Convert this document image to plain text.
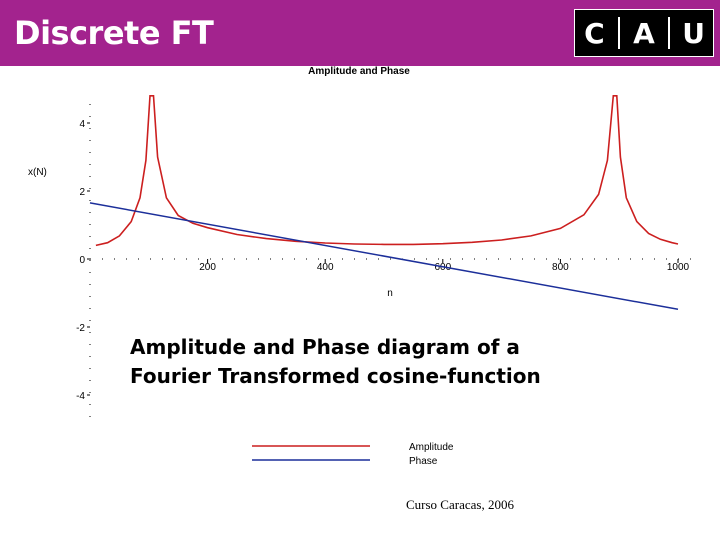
Discrete FT	C A U
Amplitude and Phase
4
2
0
-2
-4
x(N)
200	400	600	800	1000
n
Amplitude
Phase
Amplitude and Phase diagram of a
Fourier Transformed cosine-function
Curso Caracas, 2006
